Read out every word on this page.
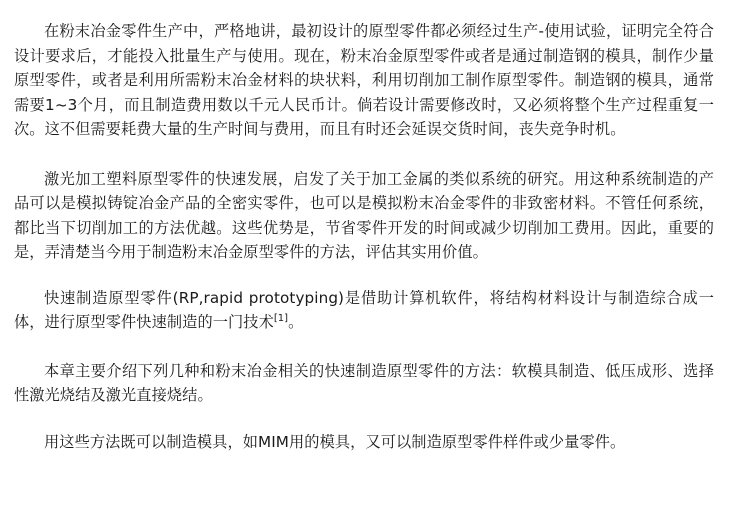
在粉末冶金零件生产中，严格地讲，最初设计的原型零件都必须经过生产-使用试验，证明完全符合设计要求后，才能投入批量生产与使用。现在，粉末冶金原型零件或者是通过制造钢的模具，制作少量原型零件，或者是利用所需粉末冶金材料的块状料，利用切削加工制作原型零件。制造钢的模具，通常需要1~3个月，而且制造费用数以千元人民币计。倘若设计需要修改时，又必须将整个生产过程重复一次。这不但需要耗费大量的生产时间与费用，而且有时还会延误交货时间，丧失竞争时机。

激光加工塑料原型零件的快速发展，启发了关于加工金属的类似系统的研究。用这种系统制造的产品可以是模拟铸锭冶金产品的全密实零件，也可以是模拟粉末冶金零件的非致密材料。不管任何系统，都比当下切削加工的方法优越。这些优势是，节省零件开发的时间或减少切削加工费用。因此，重要的是，弄清楚当今用于制造粉末冶金原型零件的方法，评估其实用价值。

快速制造原型零件(RP,rapid prototyping)是借助计算机软件，将结构材料设计与制造综合成一体，进行原型零件快速制造的一门技术[1]。

本章主要介绍下列几种和粉末冶金相关的快速制造原型零件的方法：软模具制造、低压成形、选择性激光烧结及激光直接烧结。

用这些方法既可以制造模具，如MIM用的模具，又可以制造原型零件样件或少量零件。
